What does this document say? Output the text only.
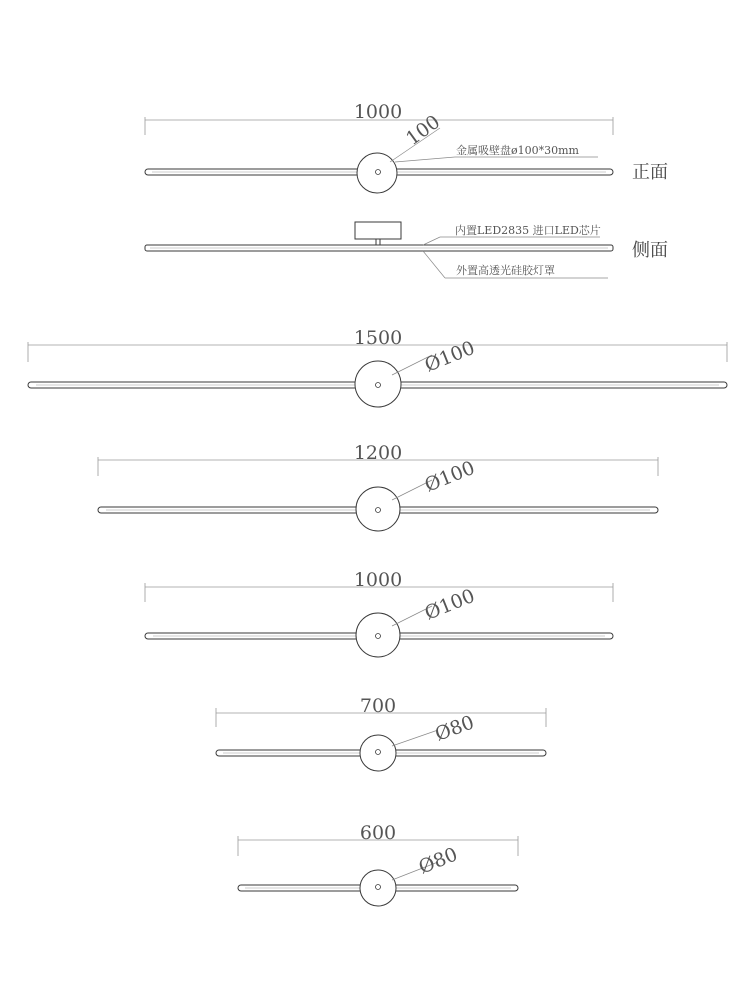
1000 100
金属吸壁盘ø100*30mm
正面
内置LED2835 进口LED芯片
外置高透光硅胶灯罩
侧面
1500 Ø100
1200
Ø100
1000
Ø100
700
Ø80
600
Ø80
